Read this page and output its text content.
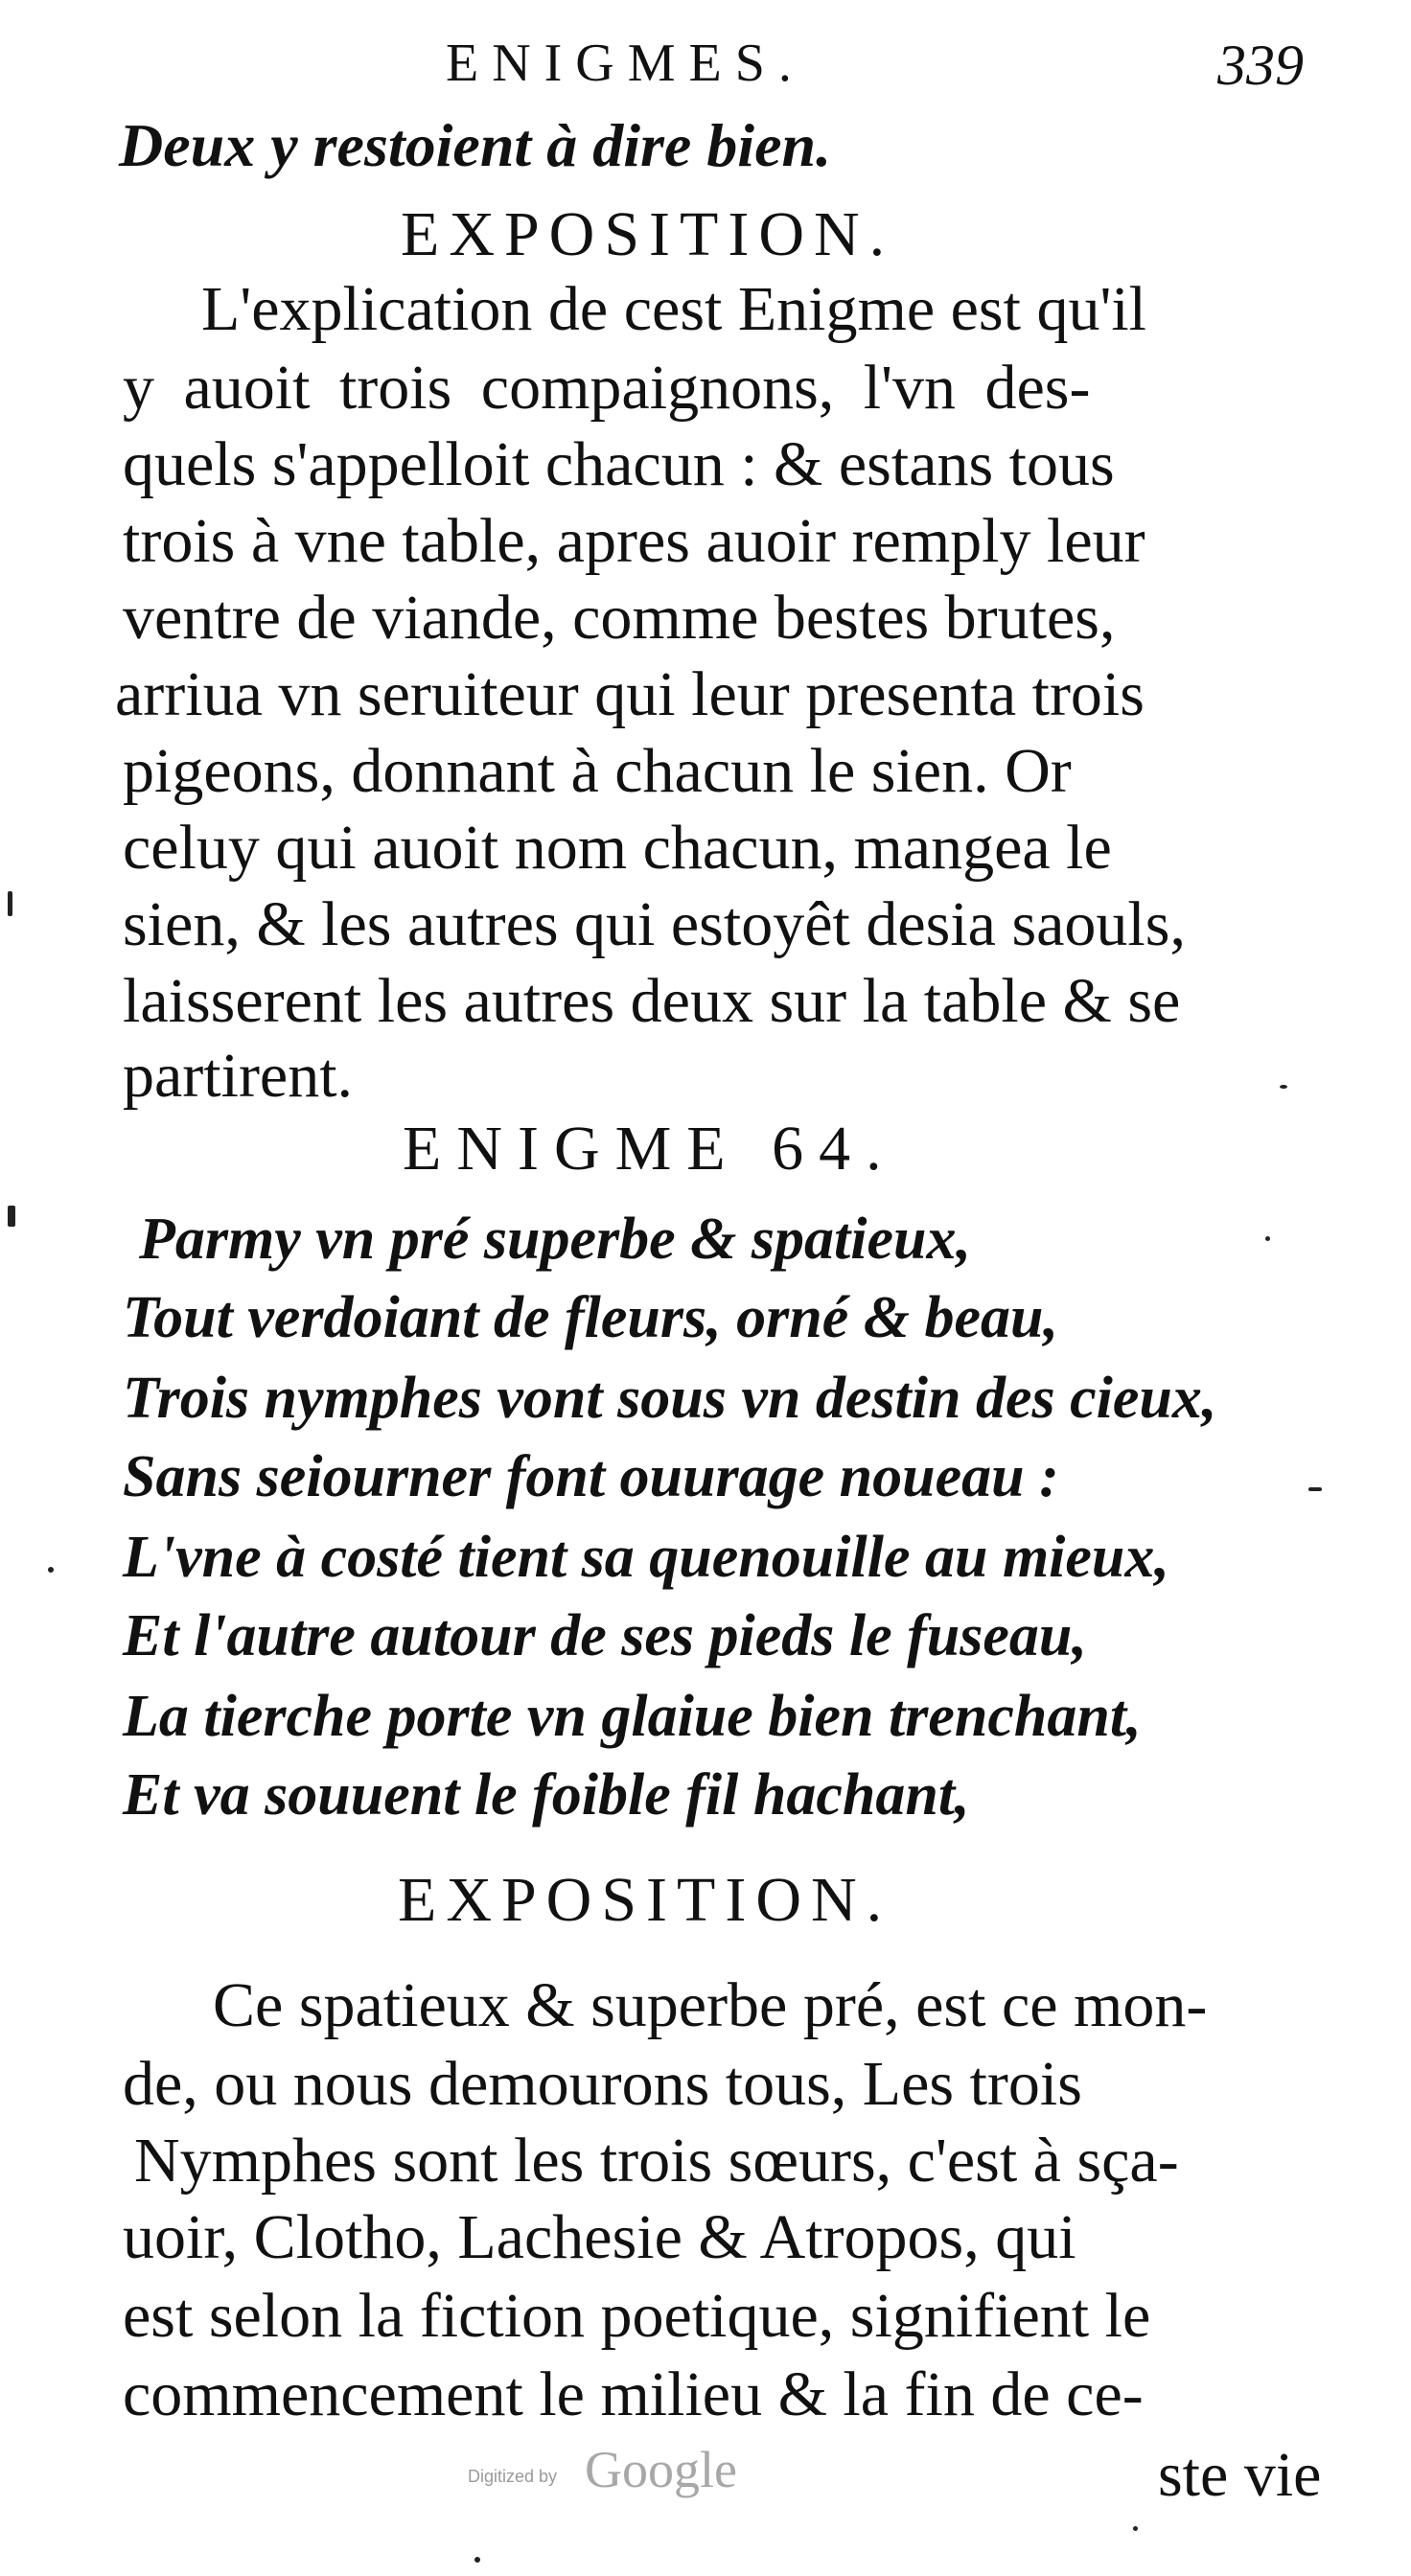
ENIGMES.	339
Deux y restoient à dire bien.
EXPOSITION.
L'explication de cest Enigme est qu'il
y auoit trois compaignons, l'vn des-
quels s'appelloit chacun : & estans tous
trois à vne table, apres auoir remply leur
ventre de viande, comme bestes brutes,
arriua vn seruiteur qui leur presenta trois
pigeons, donnant à chacun le sien. Or
celuy qui auoit nom chacun, mangea le
sien, & les autres qui estoyêt desia saouls,
laisserent les autres deux sur la table & se
partirent.
ENIGME 64.
Parmy vn pré superbe & spatieux,
Tout verdoiant de fleurs, orné & beau,
Trois nymphes vont sous vn destin des cieux,
Sans seiourner font ouurage noueau :
L'vne à costé tient sa quenouille au mieux,
Et l'autre autour de ses pieds le fuseau,
La tierche porte vn glaiue bien trenchant,
Et va souuent le foible fil hachant,
EXPOSITION.
Ce spatieux & superbe pré, est ce mon-
de, ou nous demourons tous, Les trois
Nymphes sont les trois sœurs, c'est à sça-
uoir, Clotho, Lachesie & Atropos, qui
est selon la fiction poetique, signifient le
commencement le milieu & la fin de ce-
ste vie
Digitized by Google
